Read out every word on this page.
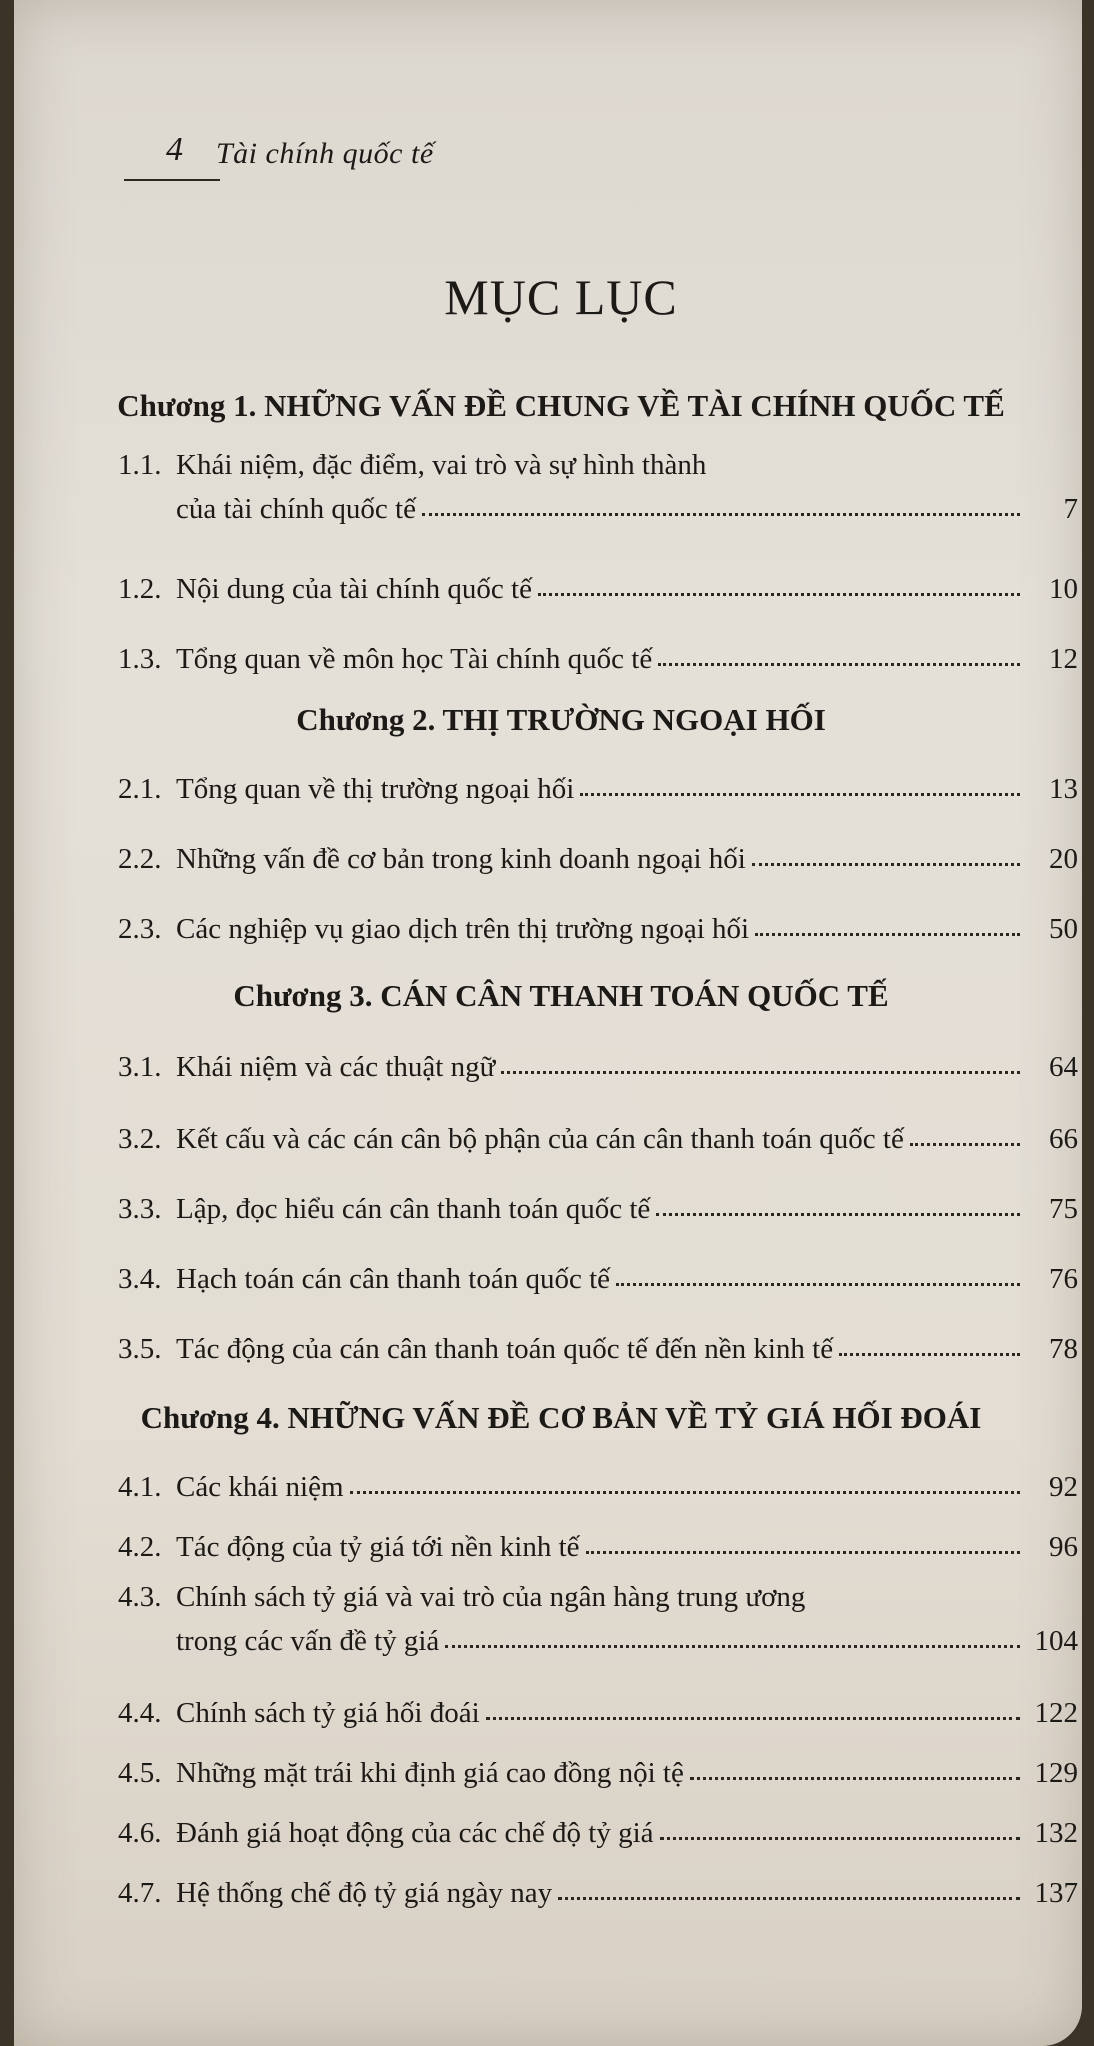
4 Tài chính quốc tế
MỤC LỤC
Chương 1. NHỮNG VẤN ĐỀ CHUNG VỀ TÀI CHÍNH QUỐC TẾ
1.1. Khái niệm, đặc điểm, vai trò và sự hình thành
của tài chính quốc tế	7
1.2. Nội dung của tài chính quốc tế	10
1.3. Tổng quan về môn học Tài chính quốc tế	12
Chương 2. THỊ TRƯỜNG NGOẠI HỐI
2.1. Tổng quan về thị trường ngoại hối	13
2.2. Những vấn đề cơ bản trong kinh doanh ngoại hối	20
2.3. Các nghiệp vụ giao dịch trên thị trường ngoại hối	50
Chương 3. CÁN CÂN THANH TOÁN QUỐC TẾ
3.1. Khái niệm và các thuật ngữ	64
3.2. Kết cấu và các cán cân bộ phận của cán cân thanh toán quốc tế	66
3.3. Lập, đọc hiểu cán cân thanh toán quốc tế	75
3.4. Hạch toán cán cân thanh toán quốc tế	76
3.5. Tác động của cán cân thanh toán quốc tế đến nền kinh tế	78
Chương 4. NHỮNG VẤN ĐỀ CƠ BẢN VỀ TỶ GIÁ HỐI ĐOÁI
4.1. Các khái niệm	92
4.2. Tác động của tỷ giá tới nền kinh tế	96
4.3. Chính sách tỷ giá và vai trò của ngân hàng trung ương
trong các vấn đề tỷ giá	104
4.4. Chính sách tỷ giá hối đoái	122
4.5. Những mặt trái khi định giá cao đồng nội tệ	129
4.6. Đánh giá hoạt động của các chế độ tỷ giá	132
4.7. Hệ thống chế độ tỷ giá ngày nay	137
